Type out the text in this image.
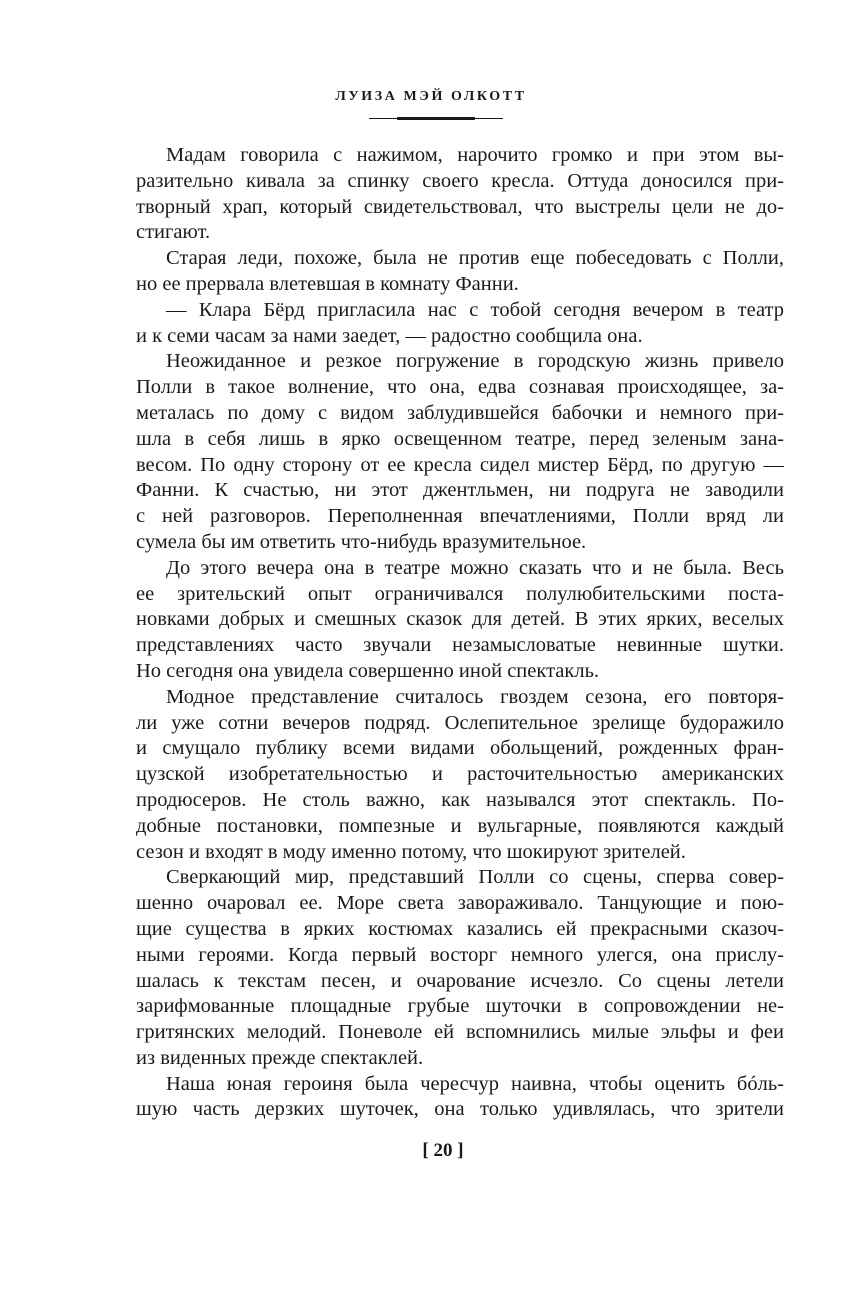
ЛУИЗА МЭЙ ОЛКОТТ
Мадам говорила с нажимом, нарочито громко и при этом вы-
разительно кивала за спинку своего кресла. Оттуда доносился при-
творный храп, который свидетельствовал, что выстрелы цели не до-
стигают.
Старая леди, похоже, была не против еще побеседовать с Полли,
но ее прервала влетевшая в комнату Фанни.
— Клара Бёрд пригласила нас с тобой сегодня вечером в театр
и к семи часам за нами заедет, — радостно сообщила она.
Неожиданное и резкое погружение в городскую жизнь привело
Полли в такое волнение, что она, едва сознавая происходящее, за-
металась по дому с видом заблудившейся бабочки и немного при-
шла в себя лишь в ярко освещенном театре, перед зеленым зана-
весом. По одну сторону от ее кресла сидел мистер Бёрд, по другую —
Фанни. К счастью, ни этот джентльмен, ни подруга не заводили
с ней разговоров. Переполненная впечатлениями, Полли вряд ли
сумела бы им ответить что-нибудь вразумительное.
До этого вечера она в театре можно сказать что и не была. Весь
ее зрительский опыт ограничивался полулюбительскими поста-
новками добрых и смешных сказок для детей. В этих ярких, веселых
представлениях часто звучали незамысловатые невинные шутки.
Но сегодня она увидела совершенно иной спектакль.
Модное представление считалось гвоздем сезона, его повторя-
ли уже сотни вечеров подряд. Ослепительное зрелище будоражило
и смущало публику всеми видами обольщений, рожденных фран-
цузской изобретательностью и расточительностью американских
продюсеров. Не столь важно, как назывался этот спектакль. По-
добные постановки, помпезные и вульгарные, появляются каждый
сезон и входят в моду именно потому, что шокируют зрителей.
Сверкающий мир, представший Полли со сцены, сперва совер-
шенно очаровал ее. Море света завораживало. Танцующие и пою-
щие существа в ярких костюмах казались ей прекрасными сказоч-
ными героями. Когда первый восторг немного улегся, она прислу-
шалась к текстам песен, и очарование исчезло. Со сцены летели
зарифмованные площадные грубые шуточки в сопровождении не-
гритянских мелодий. Поневоле ей вспомнились милые эльфы и феи
из виденных прежде спектаклей.
Наша юная героиня была чересчур наивна, чтобы оценить бóль-
шую часть дерзких шуточек, она только удивлялась, что зрители
[ 20 ]
